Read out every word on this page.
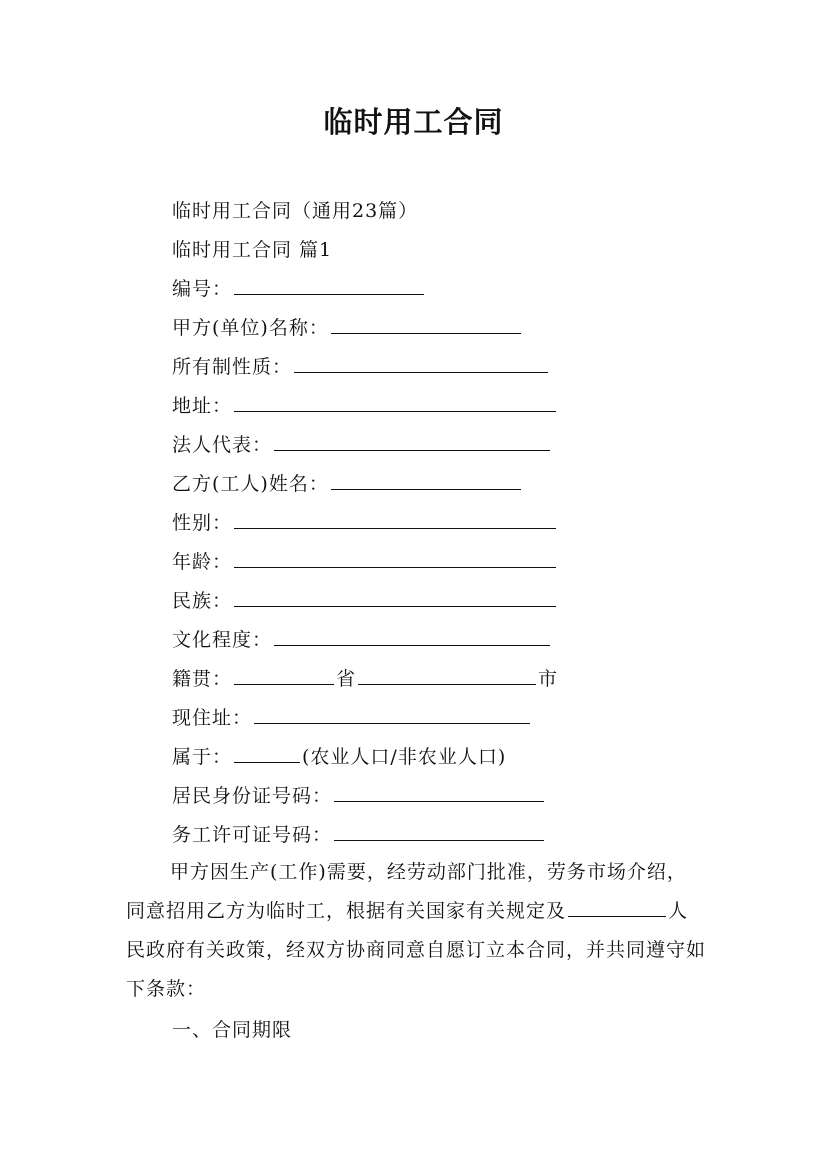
临时用工合同
临时用工合同（通用23篇）
临时用工合同 篇1
编号：
甲方(单位)名称：
所有制性质：
地址：
法人代表：
乙方(工人)姓名：
性别：
年龄：
民族：
文化程度：
籍贯：	省	市
现住址：
属于：	(农业人口/非农业人口)
居民身份证号码：
务工许可证号码：
甲方因生产(工作)需要，经劳动部门批准，劳务市场介绍，同意招用乙方为临时工，根据有关国家有关规定及	人民政府有关政策，经双方协商同意自愿订立本合同，并共同遵守如下条款：
一、合同期限
